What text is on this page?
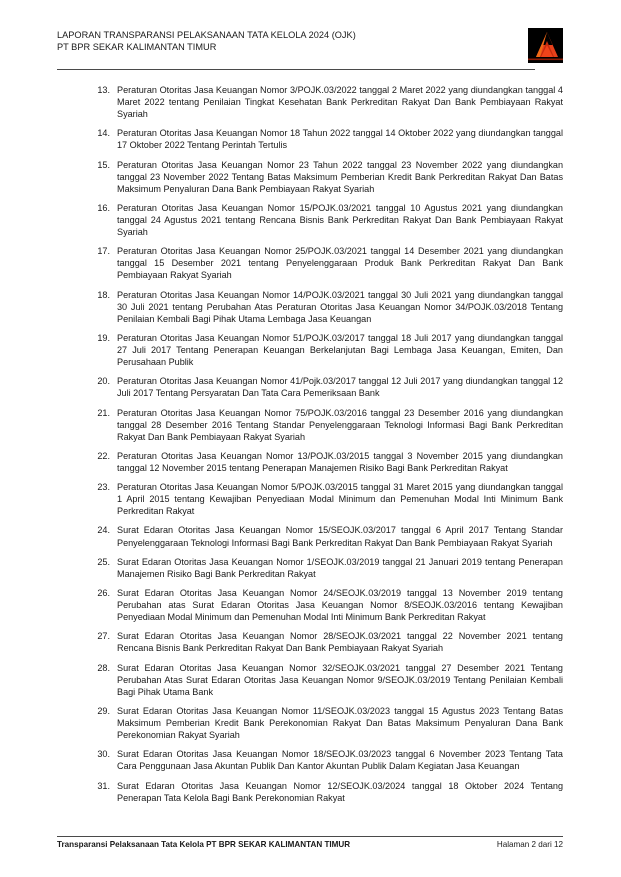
LAPORAN TRANSPARANSI PELAKSANAAN TATA KELOLA 2024 (OJK)
PT BPR SEKAR KALIMANTAN TIMUR
13. Peraturan Otoritas Jasa Keuangan Nomor 3/POJK.03/2022 tanggal 2 Maret 2022 yang diundangkan tanggal 4 Maret 2022 tentang Penilaian Tingkat Kesehatan Bank Perkreditan Rakyat Dan Bank Pembiayaan Rakyat Syariah
14. Peraturan Otoritas Jasa Keuangan Nomor 18 Tahun 2022 tanggal 14 Oktober 2022 yang diundangkan tanggal 17 Oktober 2022 Tentang Perintah Tertulis
15. Peraturan Otoritas Jasa Keuangan Nomor 23 Tahun 2022 tanggal 23 November 2022 yang diundangkan tanggal 23 November 2022 Tentang Batas Maksimum Pemberian Kredit Bank Perkreditan Rakyat Dan Batas Maksimum Penyaluran Dana Bank Pembiayaan Rakyat Syariah
16. Peraturan Otoritas Jasa Keuangan Nomor 15/POJK.03/2021 tanggal 10 Agustus 2021 yang diundangkan tanggal 24 Agustus 2021 tentang Rencana Bisnis Bank Perkreditan Rakyat Dan Bank Pembiayaan Rakyat Syariah
17. Peraturan Otoritas Jasa Keuangan Nomor 25/POJK.03/2021 tanggal 14 Desember 2021 yang diundangkan tanggal 15 Desember 2021 tentang Penyelenggaraan Produk Bank Perkreditan Rakyat Dan Bank Pembiayaan Rakyat Syariah
18. Peraturan Otoritas Jasa Keuangan Nomor 14/POJK.03/2021 tanggal 30 Juli 2021 yang diundangkan tanggal 30 Juli 2021 tentang Perubahan Atas Peraturan Otoritas Jasa Keuangan Nomor 34/POJK.03/2018 Tentang Penilaian Kembali Bagi Pihak Utama Lembaga Jasa Keuangan
19. Peraturan Otoritas Jasa Keuangan Nomor 51/POJK.03/2017 tanggal 18 Juli 2017 yang diundangkan tanggal 27 Juli 2017 Tentang Penerapan Keuangan Berkelanjutan Bagi Lembaga Jasa Keuangan, Emiten, Dan Perusahaan Publik
20. Peraturan Otoritas Jasa Keuangan Nomor 41/Pojk.03/2017 tanggal 12 Juli 2017 yang diundangkan tanggal 12 Juli 2017 Tentang Persyaratan Dan Tata Cara Pemeriksaan Bank
21. Peraturan Otoritas Jasa Keuangan Nomor 75/POJK.03/2016 tanggal 23 Desember 2016 yang diundangkan tanggal 28 Desember 2016 Tentang Standar Penyelenggaraan Teknologi Informasi Bagi Bank Perkreditan Rakyat Dan Bank Pembiayaan Rakyat Syariah
22. Peraturan Otoritas Jasa Keuangan Nomor 13/POJK.03/2015 tanggal 3 November 2015 yang diundangkan tanggal 12 November 2015 tentang Penerapan Manajemen Risiko Bagi Bank Perkreditan Rakyat
23. Peraturan Otoritas Jasa Keuangan Nomor 5/POJK.03/2015 tanggal 31 Maret 2015 yang diundangkan tanggal 1 April 2015 tentang Kewajiban Penyediaan Modal Minimum dan Pemenuhan Modal Inti Minimum Bank Perkreditan Rakyat
24. Surat Edaran Otoritas Jasa Keuangan Nomor 15/SEOJK.03/2017 tanggal 6 April 2017 Tentang Standar Penyelenggaraan Teknologi Informasi Bagi Bank Perkreditan Rakyat Dan Bank Pembiayaan Rakyat Syariah
25. Surat Edaran Otoritas Jasa Keuangan Nomor 1/SEOJK.03/2019 tanggal 21 Januari 2019 tentang Penerapan Manajemen Risiko Bagi Bank Perkreditan Rakyat
26. Surat Edaran Otoritas Jasa Keuangan Nomor 24/SEOJK.03/2019 tanggal 13 November 2019 tentang Perubahan atas Surat Edaran Otoritas Jasa Keuangan Nomor 8/SEOJK.03/2016 tentang Kewajiban Penyediaan Modal Minimum dan Pemenuhan Modal Inti Minimum Bank Perkreditan Rakyat
27. Surat Edaran Otoritas Jasa Keuangan Nomor 28/SEOJK.03/2021 tanggal 22 November 2021 tentang Rencana Bisnis Bank Perkreditan Rakyat Dan Bank Pembiayaan Rakyat Syariah
28. Surat Edaran Otoritas Jasa Keuangan Nomor 32/SEOJK.03/2021 tanggal 27 Desember 2021 Tentang Perubahan Atas Surat Edaran Otoritas Jasa Keuangan Nomor 9/SEOJK.03/2019 Tentang Penilaian Kembali Bagi Pihak Utama Bank
29. Surat Edaran Otoritas Jasa Keuangan Nomor 11/SEOJK.03/2023 tanggal 15 Agustus 2023 Tentang Batas Maksimum Pemberian Kredit Bank Perekonomian Rakyat Dan Batas Maksimum Penyaluran Dana Bank Perekonomian Rakyat Syariah
30. Surat Edaran Otoritas Jasa Keuangan Nomor 18/SEOJK.03/2023 tanggal 6 November 2023 Tentang Tata Cara Penggunaan Jasa Akuntan Publik Dan Kantor Akuntan Publik Dalam Kegiatan Jasa Keuangan
31. Surat Edaran Otoritas Jasa Keuangan Nomor 12/SEOJK.03/2024 tanggal 18 Oktober 2024 Tentang Penerapan Tata Kelola Bagi Bank Perekonomian Rakyat
Transparansi Pelaksanaan Tata Kelola PT BPR SEKAR KALIMANTAN TIMUR	Halaman 2 dari 12
